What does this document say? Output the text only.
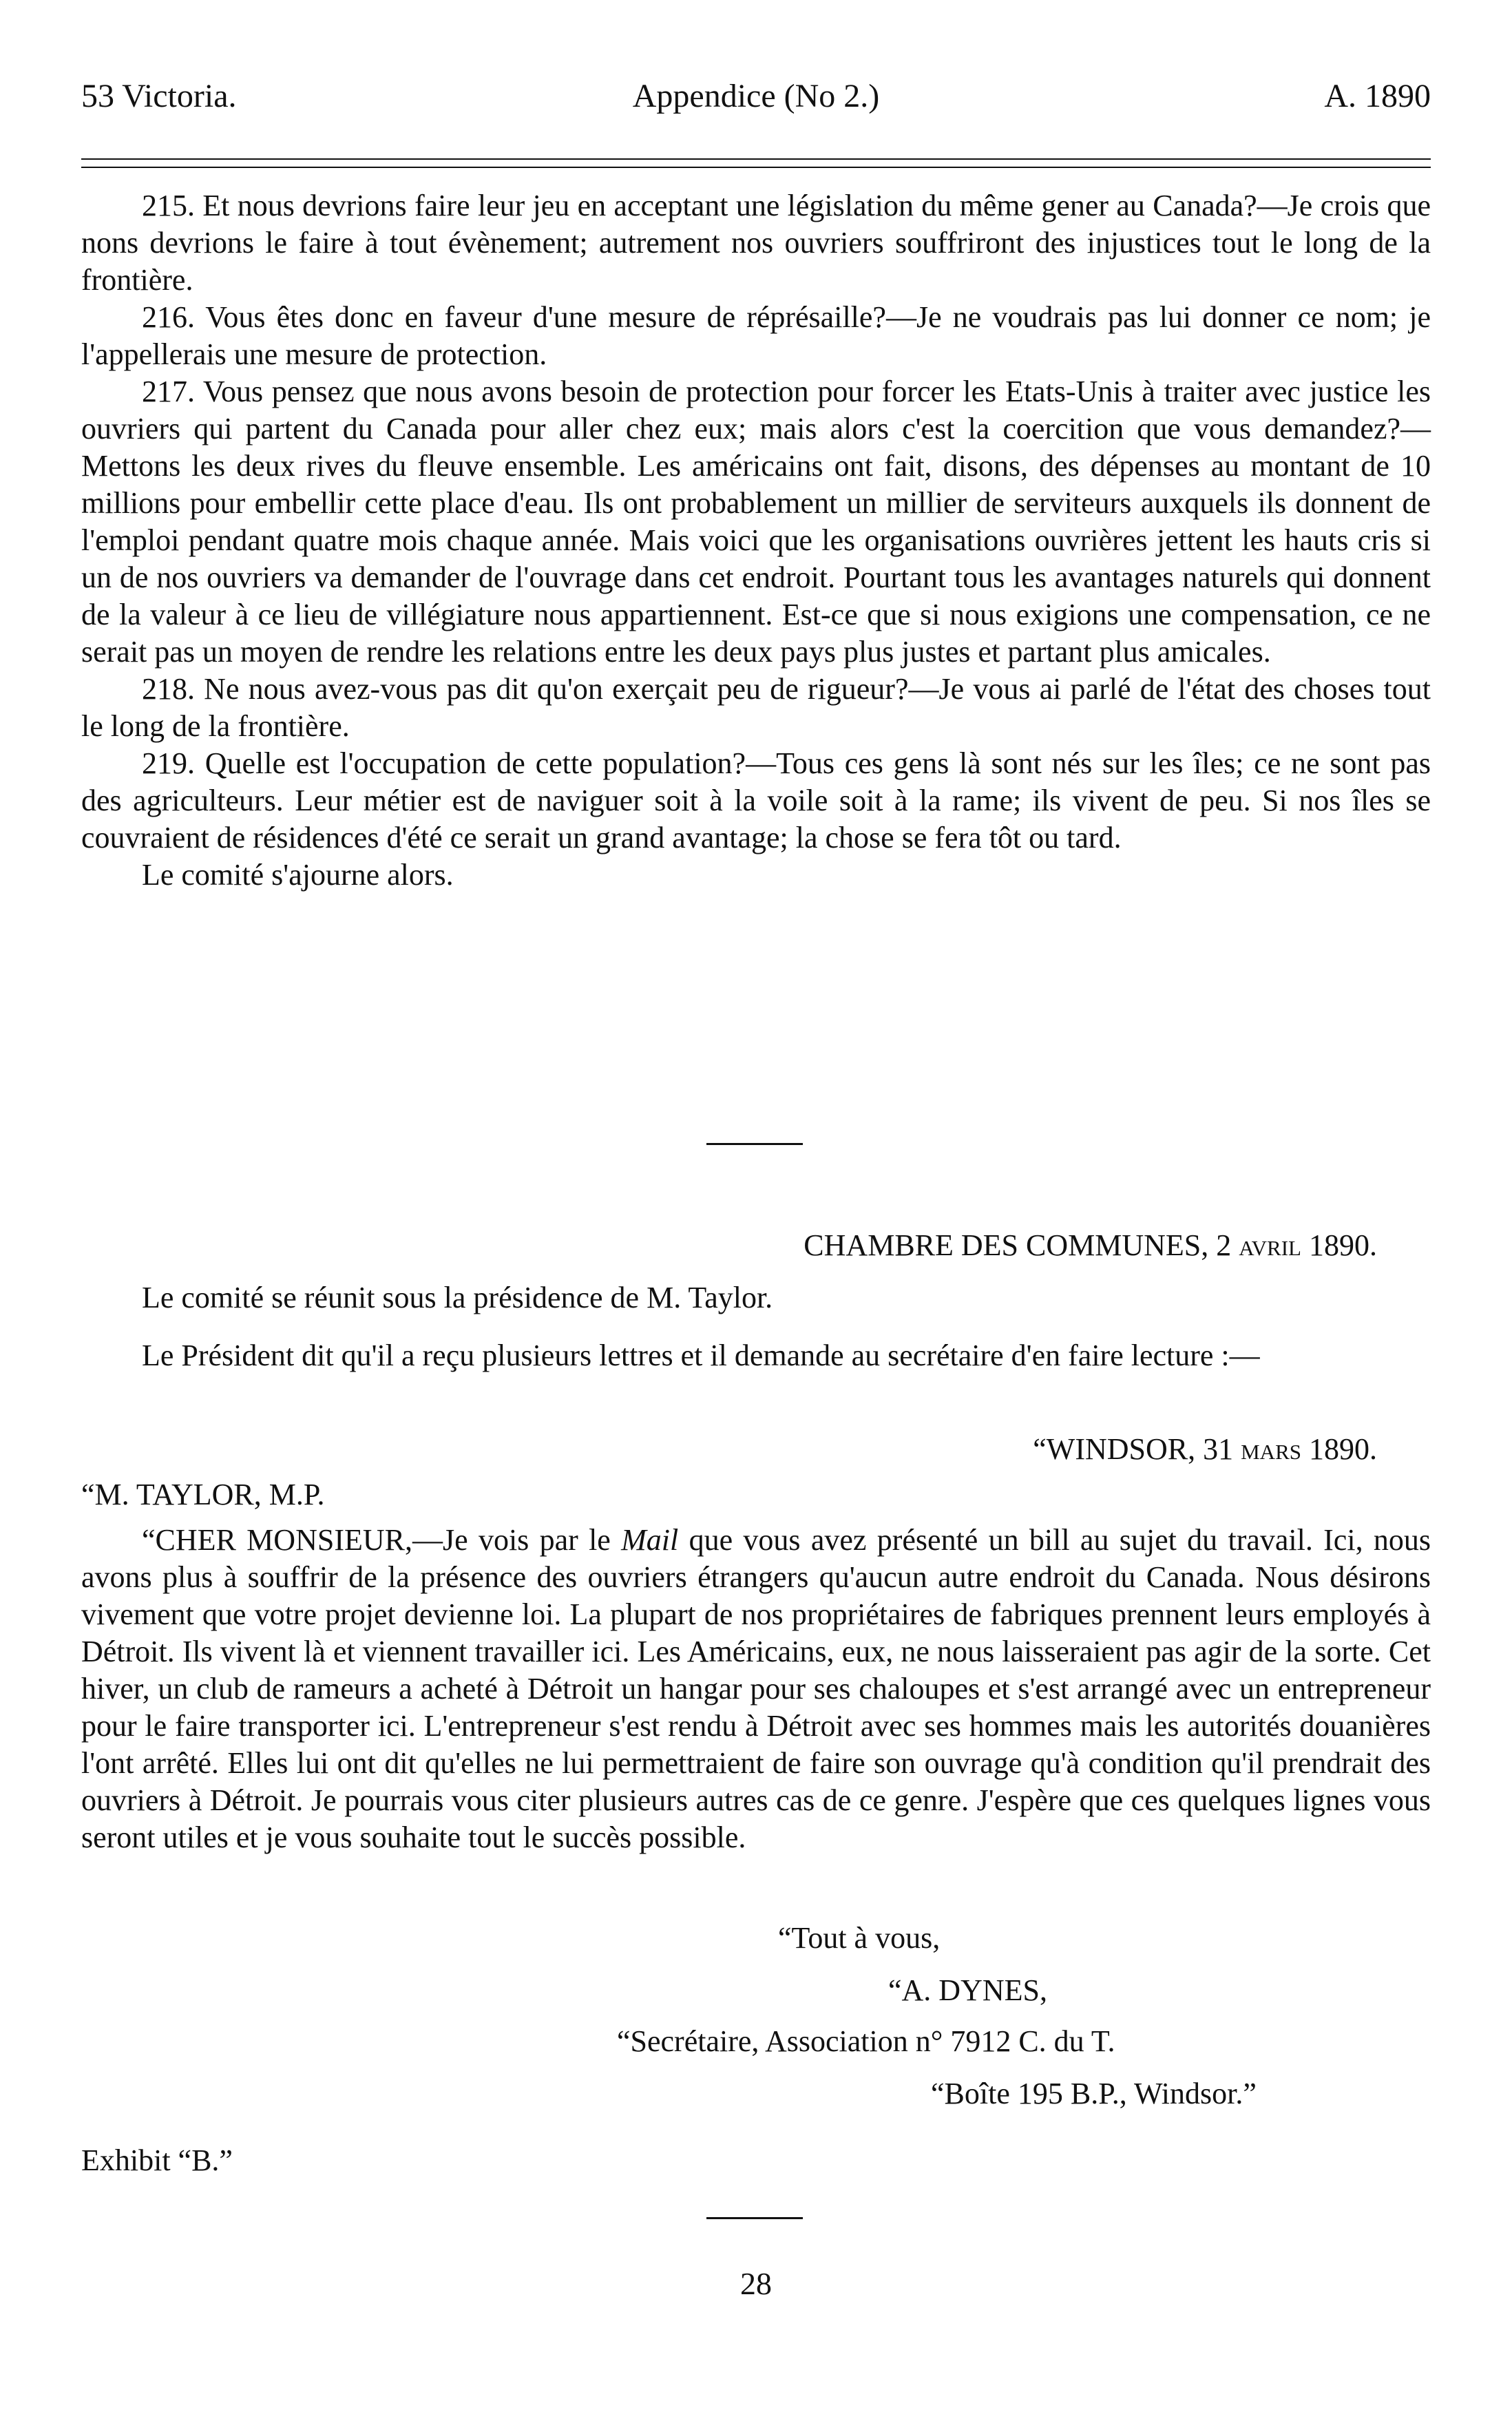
53 Victoria.	Appendice (No 2.)	A. 1890

215. Et nous devrions faire leur jeu en acceptant une législation du même gener au Canada?—Je crois que nons devrions le faire à tout évènement; autrement nos ouvriers souffriront des injustices tout le long de la frontière.

216. Vous êtes donc en faveur d'une mesure de réprésaille?—Je ne voudrais pas lui donner ce nom; je l'appellerais une mesure de protection.

217. Vous pensez que nous avons besoin de protection pour forcer les Etats-Unis à traiter avec justice les ouvriers qui partent du Canada pour aller chez eux; mais alors c'est la coercition que vous demandez?—Mettons les deux rives du fleuve ensemble. Les américains ont fait, disons, des dépenses au montant de 10 millions pour embellir cette place d'eau. Ils ont probablement un millier de serviteurs auxquels ils donnent de l'emploi pendant quatre mois chaque année. Mais voici que les organisations ouvrières jettent les hauts cris si un de nos ouvriers va demander de l'ouvrage dans cet endroit. Pourtant tous les avantages naturels qui donnent de la valeur à ce lieu de villégiature nous appartiennent. Est-ce que si nous exigions une compensation, ce ne serait pas un moyen de rendre les relations entre les deux pays plus justes et partant plus amicales.

218. Ne nous avez-vous pas dit qu'on exerçait peu de rigueur?—Je vous ai parlé de l'état des choses tout le long de la frontière.

219. Quelle est l'occupation de cette population?—Tous ces gens là sont nés sur les îles; ce ne sont pas des agriculteurs. Leur métier est de naviguer soit à la voile soit à la rame; ils vivent de peu. Si nos îles se couvraient de résidences d'été ce serait un grand avantage; la chose se fera tôt ou tard.

Le comité s'ajourne alors.

CHAMBRE DES COMMUNES, 2 avril 1890.
Le comité se réunit sous la présidence de M. Taylor.
Le Président dit qu'il a reçu plusieurs lettres et il demande au secrétaire d'en faire lecture :—
“WINDSOR, 31 mars 1890.
“M. TAYLOR, M.P.

“CHER MONSIEUR,—Je vois par le Mail que vous avez présenté un bill au sujet du travail. Ici, nous avons plus à souffrir de la présence des ouvriers étrangers qu'aucun autre endroit du Canada. Nous désirons vivement que votre projet devienne loi. La plupart de nos propriétaires de fabriques prennent leurs employés à Détroit. Ils vivent là et viennent travailler ici. Les Américains, eux, ne nous laisseraient pas agir de la sorte. Cet hiver, un club de rameurs a acheté à Détroit un hangar pour ses chaloupes et s'est arrangé avec un entrepreneur pour le faire transporter ici. L'entrepreneur s'est rendu à Détroit avec ses hommes mais les autorités douanières l'ont arrêté. Elles lui ont dit qu'elles ne lui permettraient de faire son ouvrage qu'à condition qu'il prendrait des ouvriers à Détroit. Je pourrais vous citer plusieurs autres cas de ce genre. J'espère que ces quelques lignes vous seront utiles et je vous souhaite tout le succès possible.

“Tout à vous,
“A. DYNES,
“Secrétaire, Association n° 7912 C. du T.
“Boîte 195 B.P., Windsor.”
Exhibit “B.”
28
